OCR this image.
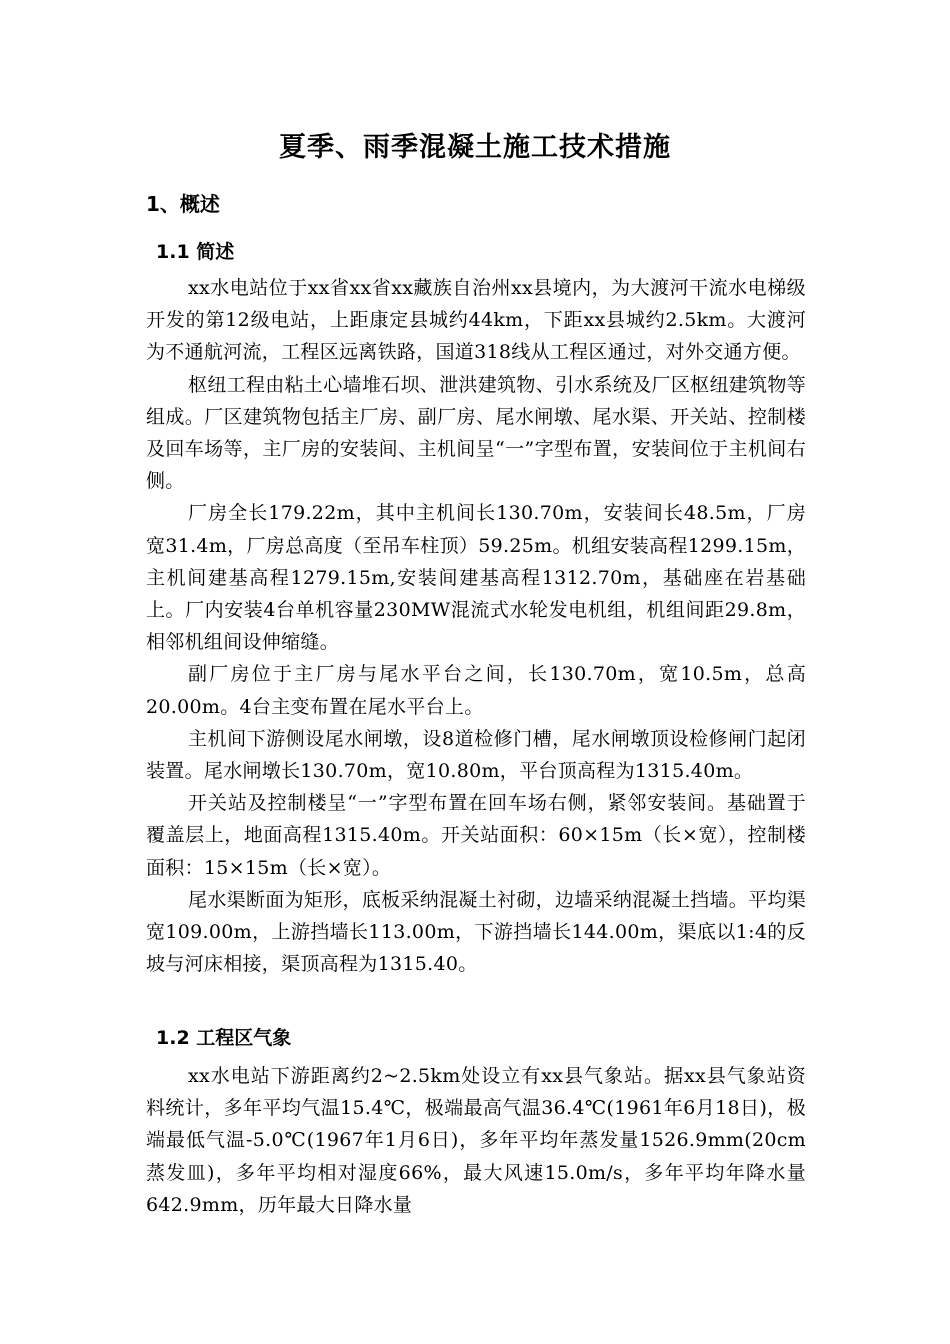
夏季、雨季混凝土施工技术措施
1、概述
1.1 简述

xx水电站位于xx省xx省xx藏族自治州xx县境内，为大渡河干流水电梯级开发的第12级电站，上距康定县城约44km，下距xx县城约2.5km。大渡河为不通航河流，工程区远离铁路，国道318线从工程区通过，对外交通方便。

枢纽工程由粘土心墙堆石坝、泄洪建筑物、引水系统及厂区枢纽建筑物等组成。厂区建筑物包括主厂房、副厂房、尾水闸墩、尾水渠、开关站、控制楼及回车场等，主厂房的安装间、主机间呈“一”字型布置，安装间位于主机间右侧。

厂房全长179.22m，其中主机间长130.70m，安装间长48.5m，厂房宽31.4m，厂房总高度（至吊车柱顶）59.25m。机组安装高程1299.15m，主机间建基高程1279.15m,安装间建基高程1312.70m，基础座在岩基础上。厂内安装4台单机容量230MW混流式水轮发电机组，机组间距29.8m，相邻机组间设伸缩缝。

副厂房位于主厂房与尾水平台之间，长130.70m，宽10.5m，总高20.00m。4台主变布置在尾水平台上。

主机间下游侧设尾水闸墩，设8道检修门槽，尾水闸墩顶设检修闸门起闭装置。尾水闸墩长130.70m，宽10.80m，平台顶高程为1315.40m。

开关站及控制楼呈“一”字型布置在回车场右侧，紧邻安装间。基础置于覆盖层上，地面高程1315.40m。开关站面积：60×15m（长×宽），控制楼面积：15×15m（长×宽）。

尾水渠断面为矩形，底板采纳混凝土衬砌，边墙采纳混凝土挡墙。平均渠宽109.00m，上游挡墙长113.00m，下游挡墙长144.00m，渠底以1:4的反坡与河床相接，渠顶高程为1315.40。

1.2 工程区气象

xx水电站下游距离约2~2.5km处设立有xx县气象站。据xx县气象站资料统计，多年平均气温15.4℃，极端最高气温36.4℃(1961年6月18日)，极端最低气温-5.0℃(1967年1月6日)，多年平均年蒸发量1526.9mm(20cm蒸发皿)，多年平均相对湿度66%，最大风速15.0m/s，多年平均年降水量642.9mm，历年最大日降水量
